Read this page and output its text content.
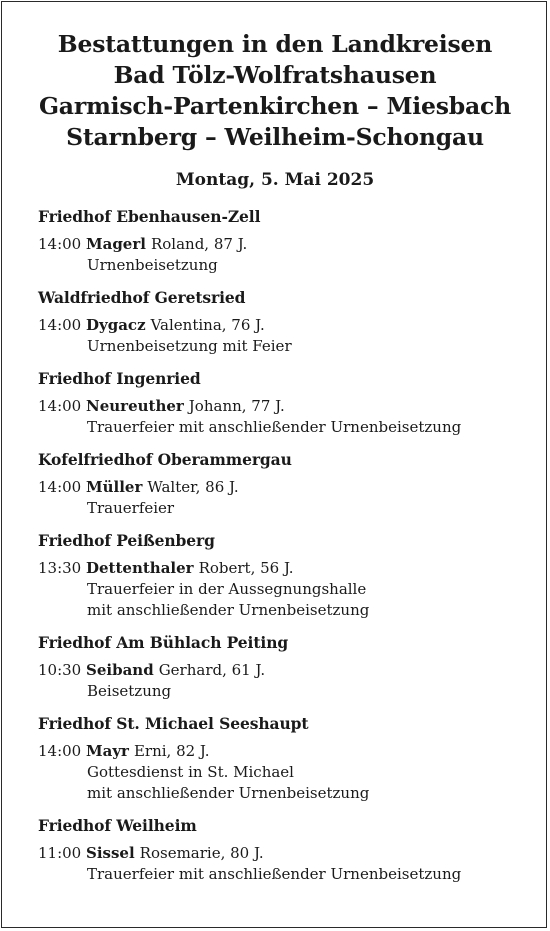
Bestattungen in den Landkreisen
Bad Tölz-Wolfratshausen
Garmisch-Partenkirchen – Miesbach
Starnberg – Weilheim-Schongau
Montag, 5. Mai 2025
Friedhof Ebenhausen-Zell
14:00 Magerl Roland, 87 J.
Urnenbeisetzung
Waldfriedhof Geretsried
14:00 Dygacz Valentina, 76 J.
Urnenbeisetzung mit Feier
Friedhof Ingenried
14:00 Neureuther Johann, 77 J.
Trauerfeier mit anschließender Urnenbeisetzung
Kofelfriedhof Oberammergau
14:00 Müller Walter, 86 J.
Trauerfeier
Friedhof Peißenberg
13:30 Dettenthaler Robert, 56 J.
Trauerfeier in der Aussegnungshalle
mit anschließender Urnenbeisetzung
Friedhof Am Bühlach Peiting
10:30 Seiband Gerhard, 61 J.
Beisetzung
Friedhof St. Michael Seeshaupt
14:00 Mayr Erni, 82 J.
Gottesdienst in St. Michael
mit anschließender Urnenbeisetzung
Friedhof Weilheim
11:00 Sissel Rosemarie, 80 J.
Trauerfeier mit anschließender Urnenbeisetzung
